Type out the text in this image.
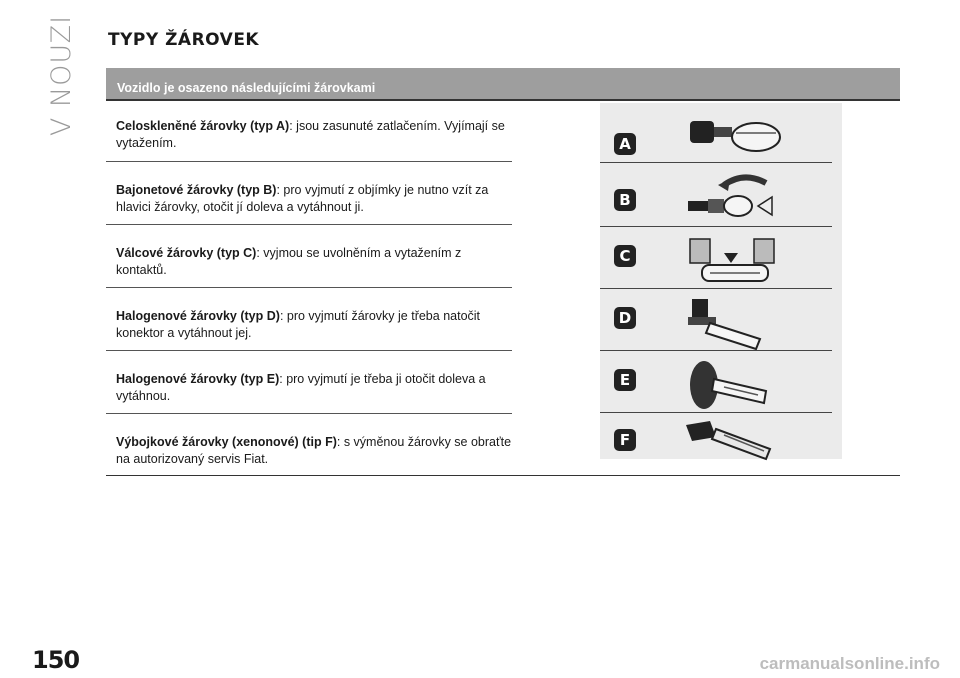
V NOUZI TYPY ŽÁROVEK
Vozidlo je osazeno následujícími žárovkami

Celoskleněné žárovky (typ A): jsou zasunuté zatlačením. Vyjímají se vytažením.

Bajonetové žárovky (typ B): pro vyjmutí z objímky je nutno vzít za hlavici žárovky, otočit jí doleva a vytáhnout ji.

Válcové žárovky (typ C): vyjmou se uvolněním a vytažením z kontaktů.

Halogenové žárovky (typ D): pro vyjmutí žárovky je třeba natočit konektor a vytáhnout jej.

Halogenové žárovky (typ E): pro vyjmutí je třeba ji otočit doleva a vytáhnou.

Výbojkové žárovky (xenonové) (tip F): s výměnou žárovky se obraťte na autorizovaný servis Fiat.

A
B
C
D
E
F
150	carmanualsonline.info
